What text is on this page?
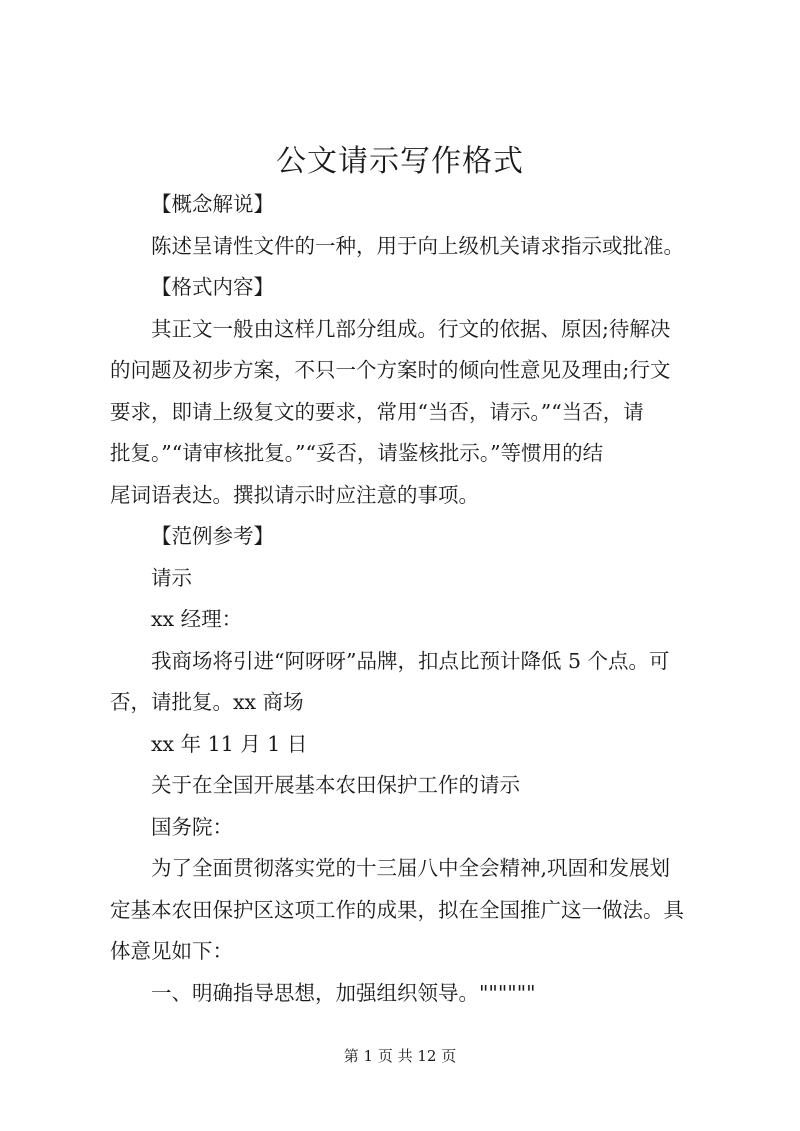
公文请示写作格式

【概念解说】

陈述呈请性文件的一种，用于向上级机关请求指示或批准。

【格式内容】

其正文一般由这样几部分组成。行文的依据、原因;待解决

的问题及初步方案，不只一个方案时的倾向性意见及理由;行文

要求，即请上级复文的要求，常用“当否，请示。”“当否，请

批复。”“请审核批复。”“妥否，请鉴核批示。”等惯用的结

尾词语表达。撰拟请示时应注意的事项。

【范例参考】

请示

xx 经理：

我商场将引进“阿呀呀”品牌，扣点比预计降低 5 个点。可

否，请批复。xx 商场

xx 年 11 月 1 日

关于在全国开展基本农田保护工作的请示

国务院：

为了全面贯彻落实党的十三届八中全会精神,巩固和发展划

定基本农田保护区这项工作的成果，拟在全国推广这一做法。具

体意见如下：

一、明确指导思想，加强组织领导。""""""

第 1 页 共 12 页
